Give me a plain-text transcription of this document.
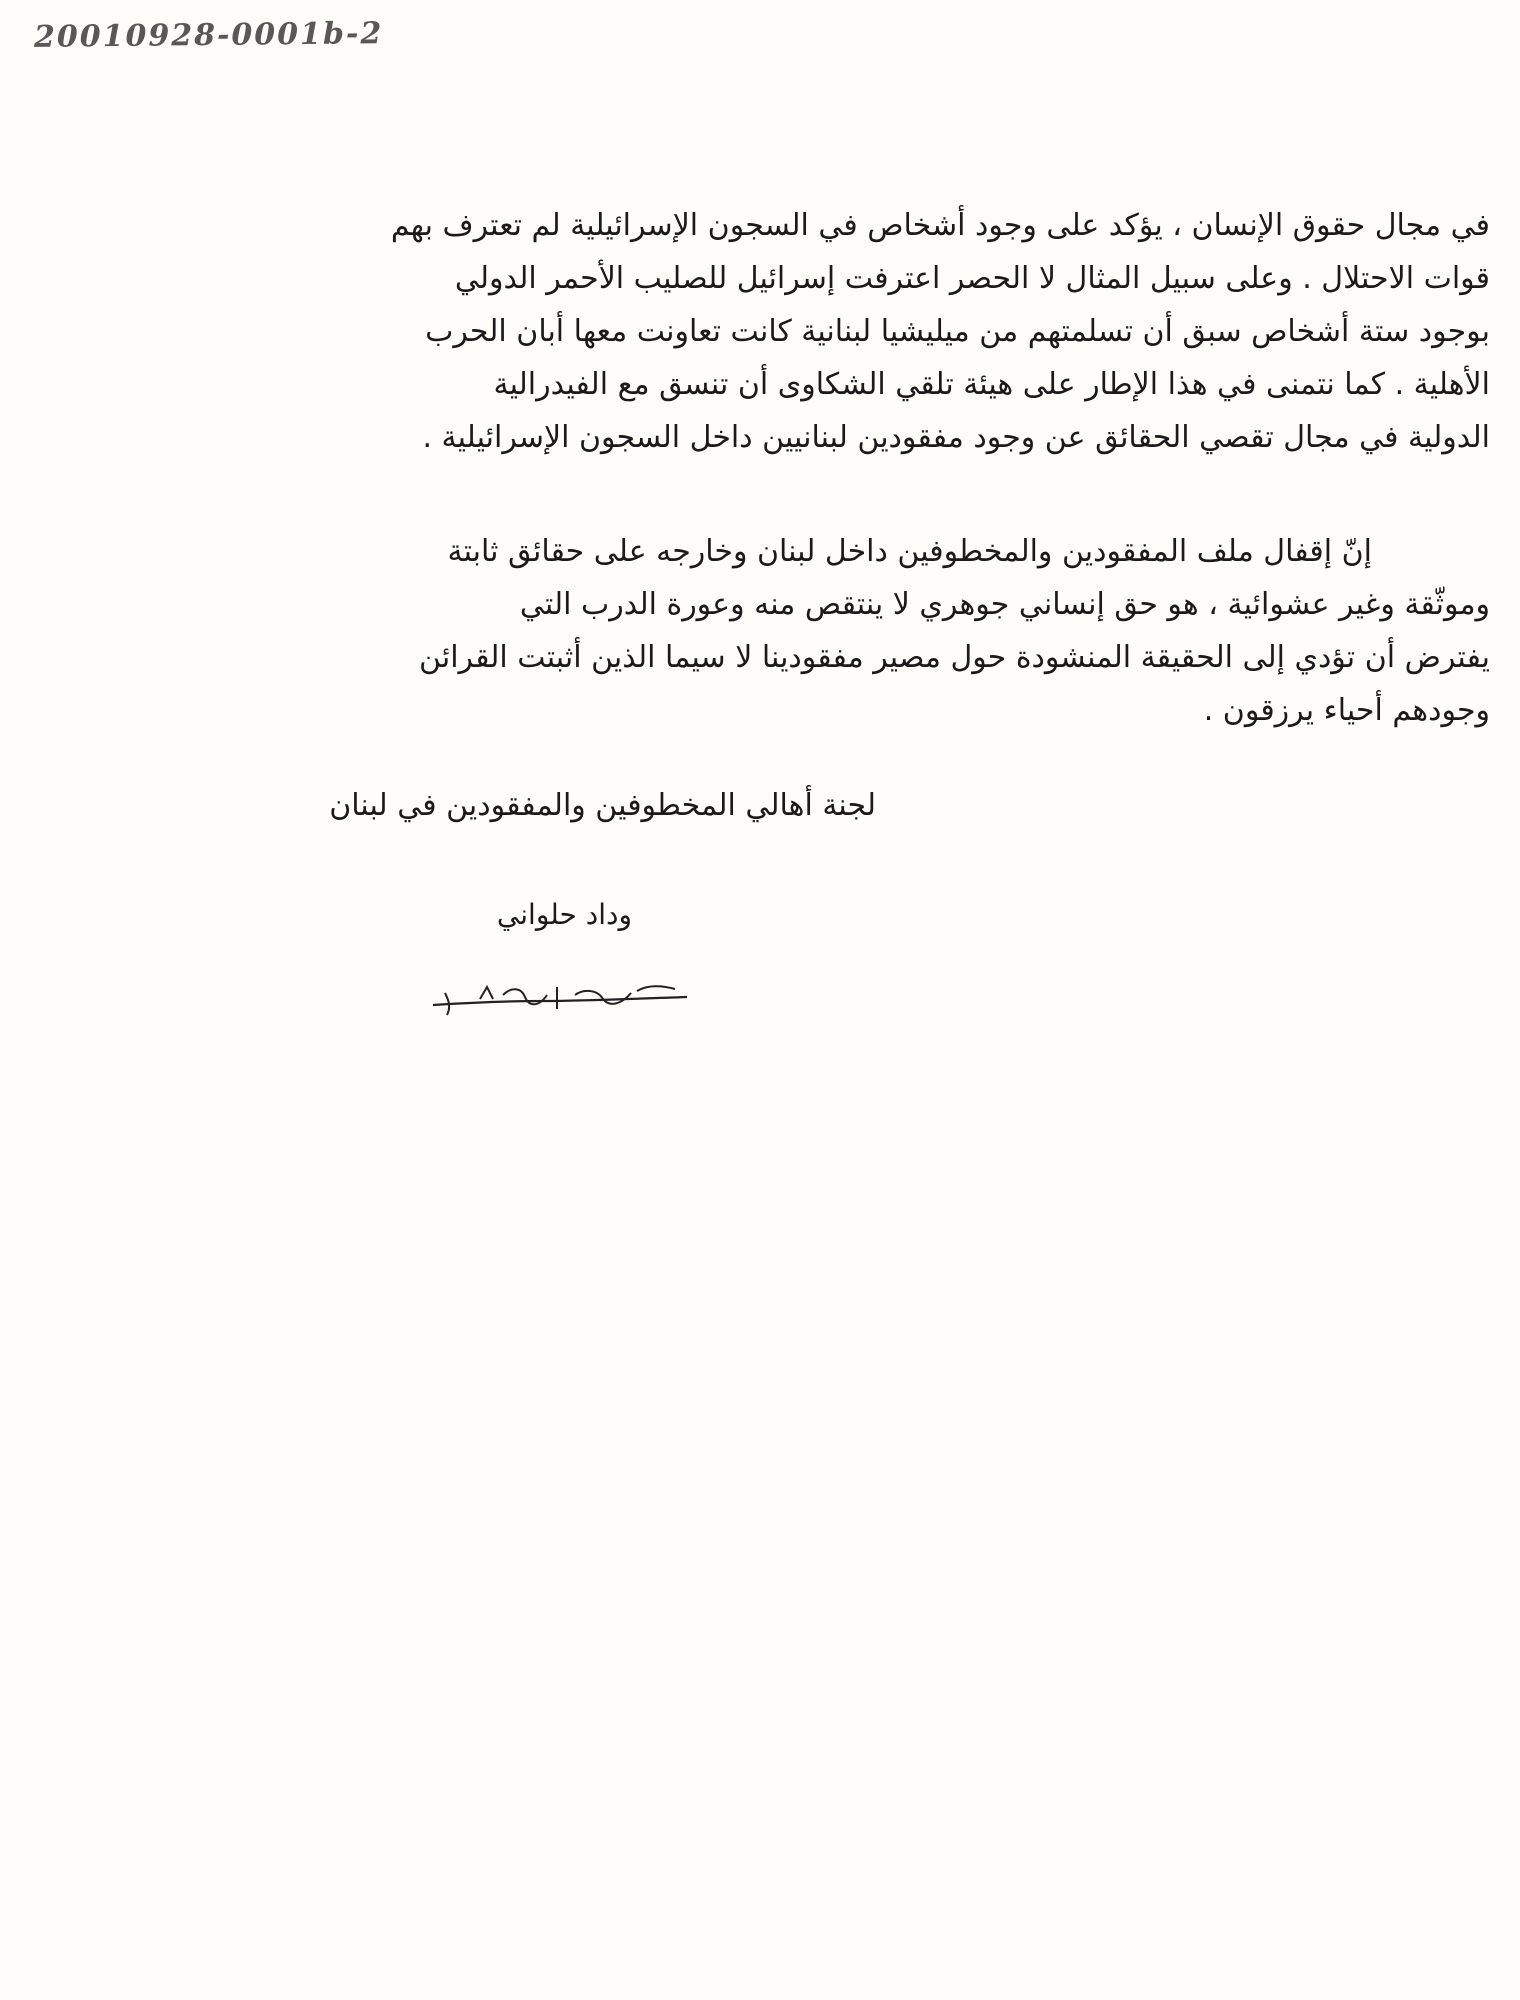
20010928-0001b-2
في مجال حقوق الإنسان ، يؤكد على وجود أشخاص في السجون الإسرائيلية لم تعترف بهم
قوات الاحتلال . وعلى سبيل المثال لا الحصر اعترفت إسرائيل للصليب الأحمر الدولي
بوجود ستة أشخاص سبق أن تسلمتهم من ميليشيا لبنانية كانت تعاونت معها أبان الحرب
الأهلية . كما نتمنى في هذا الإطار على هيئة تلقي الشكاوى أن تنسق مع الفيدرالية
الدولية في مجال تقصي الحقائق عن وجود مفقودين لبنانيين داخل السجون الإسرائيلية .
إنّ إقفال ملف المفقودين والمخطوفين داخل لبنان وخارجه على حقائق ثابتة
وموثّقة وغير عشوائية ، هو حق إنساني جوهري لا ينتقص منه وعورة الدرب التي
يفترض أن تؤدي إلى الحقيقة المنشودة حول مصير مفقودينا لا سيما الذين أثبتت القرائن
وجودهم أحياء يرزقون .
لجنة أهالي المخطوفين والمفقودين في لبنان
وداد حلواني
